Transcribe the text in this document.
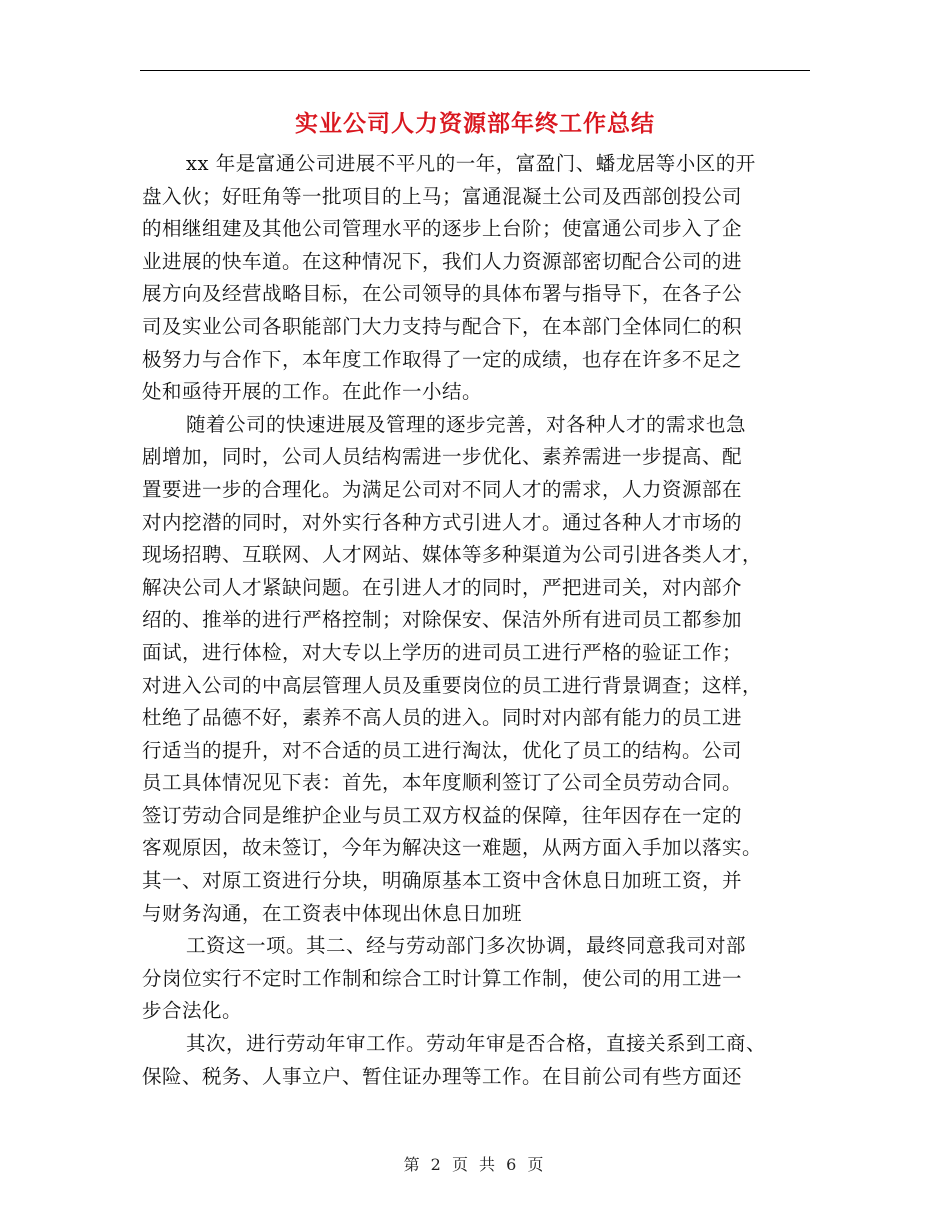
实业公司人力资源部年终工作总结
xx 年是富通公司进展不平凡的一年，富盈门、蟠龙居等小区的开
盘入伙；好旺角等一批项目的上马；富通混凝土公司及西部创投公司
的相继组建及其他公司管理水平的逐步上台阶；使富通公司步入了企
业进展的快车道。在这种情况下，我们人力资源部密切配合公司的进
展方向及经营战略目标，在公司领导的具体布署与指导下，在各子公
司及实业公司各职能部门大力支持与配合下，在本部门全体同仁的积
极努力与合作下，本年度工作取得了一定的成绩，也存在许多不足之
处和亟待开展的工作。在此作一小结。
随着公司的快速进展及管理的逐步完善，对各种人才的需求也急
剧增加，同时，公司人员结构需进一步优化、素养需进一步提高、配
置要进一步的合理化。为满足公司对不同人才的需求，人力资源部在
对内挖潜的同时，对外实行各种方式引进人才。通过各种人才市场的
现场招聘、互联网、人才网站、媒体等多种渠道为公司引进各类人才，
解决公司人才紧缺问题。在引进人才的同时，严把进司关，对内部介
绍的、推举的进行严格控制；对除保安、保洁外所有进司员工都参加
面试，进行体检，对大专以上学历的进司员工进行严格的验证工作；
对进入公司的中高层管理人员及重要岗位的员工进行背景调查；这样，
杜绝了品德不好，素养不高人员的进入。同时对内部有能力的员工进
行适当的提升，对不合适的员工进行淘汰，优化了员工的结构。公司
员工具体情况见下表：首先，本年度顺利签订了公司全员劳动合同。
签订劳动合同是维护企业与员工双方权益的保障，往年因存在一定的
客观原因，故未签订，今年为解决这一难题，从两方面入手加以落实。
其一、对原工资进行分块，明确原基本工资中含休息日加班工资，并
与财务沟通，在工资表中体现出休息日加班
工资这一项。其二、经与劳动部门多次协调，最终同意我司对部
分岗位实行不定时工作制和综合工时计算工作制，使公司的用工进一
步合法化。
其次，进行劳动年审工作。劳动年审是否合格，直接关系到工商、
保险、税务、人事立户、暂住证办理等工作。在目前公司有些方面还
第 2 页 共 6 页
